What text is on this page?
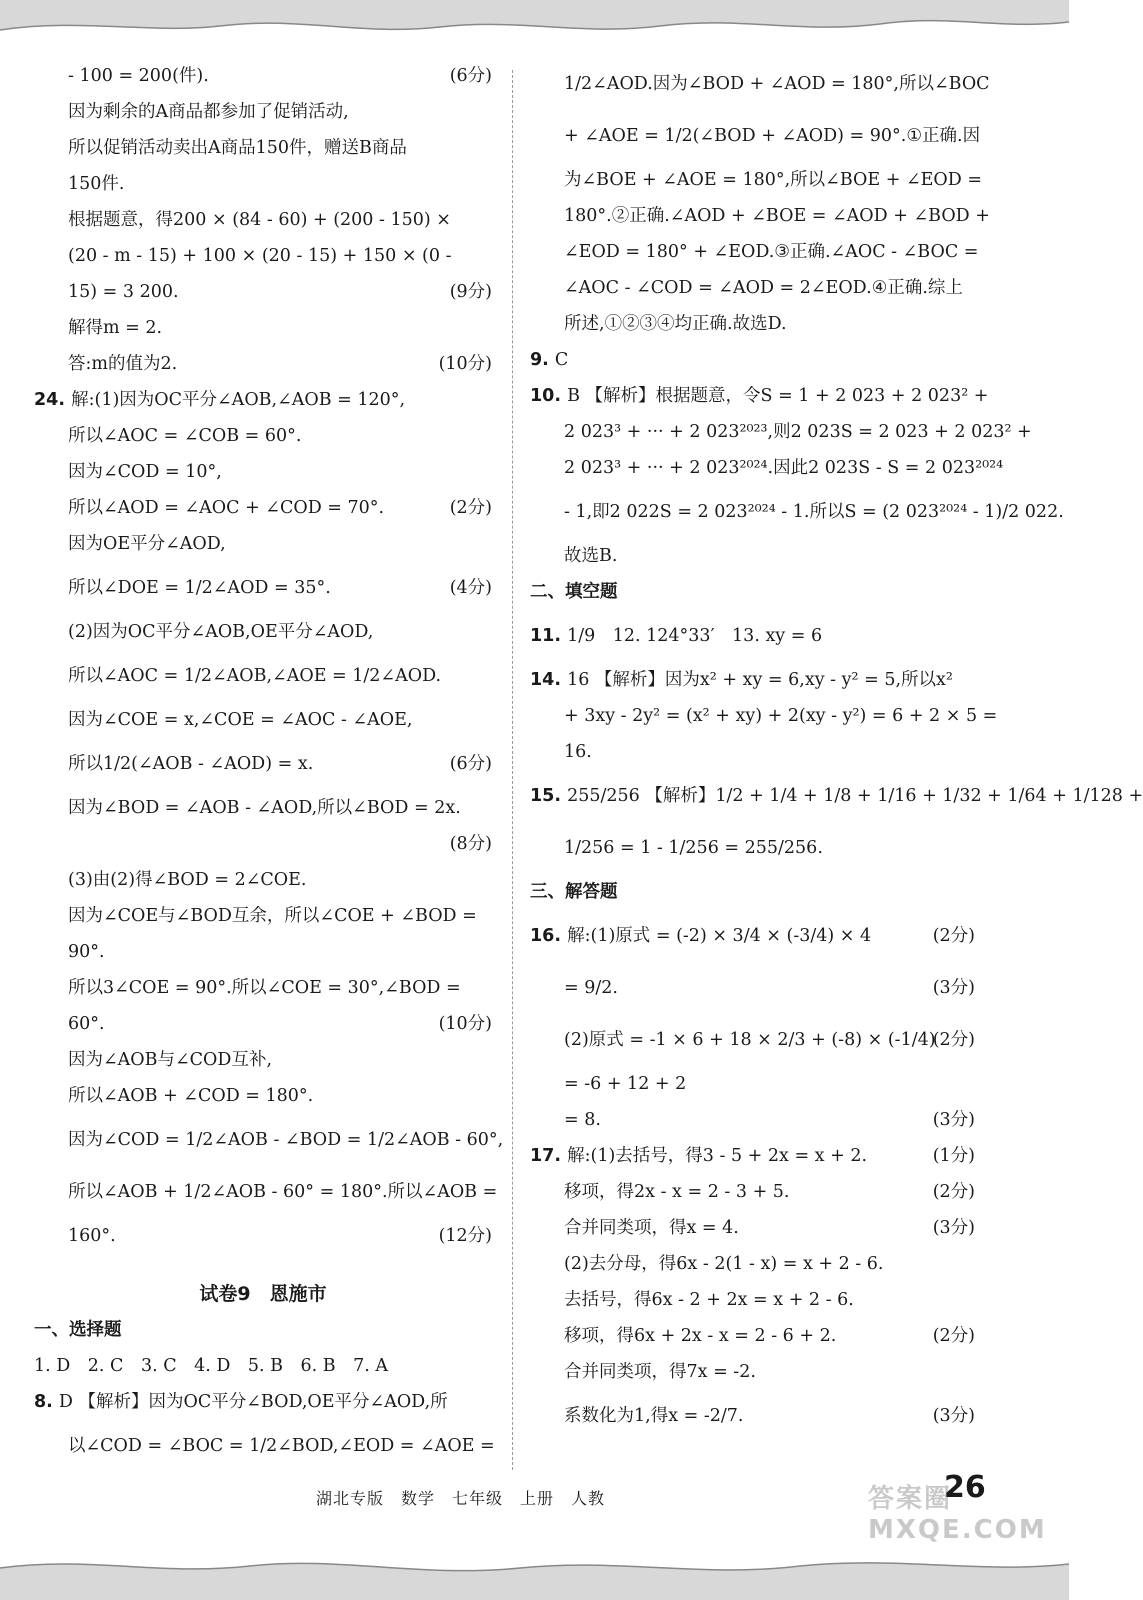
- 100 = 200(件).	(6分)
因为剩余的A商品都参加了促销活动,
所以促销活动卖出A商品150件，赠送B商品
150件.
根据题意，得200 × (84 - 60) + (200 - 150) ×
(20 - m - 15) + 100 × (20 - 15) + 150 × (0 -
15) = 3 200.	(9分)
解得m = 2.
答:m的值为2.	(10分)
24. 解:(1)因为OC平分∠AOB,∠AOB = 120°,
所以∠AOC = ∠COB = 60°.
因为∠COD = 10°,
所以∠AOD = ∠AOC + ∠COD = 70°.	(2分)
因为OE平分∠AOD,
所以∠DOE = 1/2∠AOD = 35°.	(4分)
(2)因为OC平分∠AOB,OE平分∠AOD,
所以∠AOC = 1/2∠AOB,∠AOE = 1/2∠AOD.
因为∠COE = x,∠COE = ∠AOC - ∠AOE,
所以1/2(∠AOB - ∠AOD) = x.	(6分)
因为∠BOD = ∠AOB - ∠AOD,所以∠BOD = 2x.
(8分)
(3)由(2)得∠BOD = 2∠COE.
因为∠COE与∠BOD互余，所以∠COE + ∠BOD =
90°.
所以3∠COE = 90°.所以∠COE = 30°,∠BOD =
60°.	(10分)
因为∠AOB与∠COD互补,
所以∠AOB + ∠COD = 180°.
因为∠COD = 1/2∠AOB - ∠BOD = 1/2∠AOB - 60°,
所以∠AOB + 1/2∠AOB - 60° = 180°.所以∠AOB =
160°.	(12分)
试卷9　恩施市
一、选择题
1. D　2. C　3. C　4. D　5. B　6. B　7. A
8. D 【解析】因为OC平分∠BOD,OE平分∠AOD,所
以∠COD = ∠BOC = 1/2∠BOD,∠EOD = ∠AOE =
1/2∠AOD.因为∠BOD + ∠AOD = 180°,所以∠BOC
+ ∠AOE = 1/2(∠BOD + ∠AOD) = 90°.①正确.因
为∠BOE + ∠AOE = 180°,所以∠BOE + ∠EOD =
180°.②正确.∠AOD + ∠BOE = ∠AOD + ∠BOD +
∠EOD = 180° + ∠EOD.③正确.∠AOC - ∠BOC =
∠AOC - ∠COD = ∠AOD = 2∠EOD.④正确.综上
所述,①②③④均正确.故选D.
9. C
10. B 【解析】根据题意，令S = 1 + 2 023 + 2 023² +
2 023³ + ··· + 2 023²⁰²³,则2 023S = 2 023 + 2 023² +
2 023³ + ··· + 2 023²⁰²⁴.因此2 023S - S = 2 023²⁰²⁴
- 1,即2 022S = 2 023²⁰²⁴ - 1.所以S = (2 023²⁰²⁴ - 1)/2 022.
故选B.
二、填空题
11. 1/9　12. 124°33′　13. xy = 6
14. 16 【解析】因为x² + xy = 6,xy - y² = 5,所以x²
+ 3xy - 2y² = (x² + xy) + 2(xy - y²) = 6 + 2 × 5 =
16.
15. 255/256 【解析】1/2 + 1/4 + 1/8 + 1/16 + 1/32 + 1/64 + 1/128 +
1/256 = 1 - 1/256 = 255/256.
三、解答题
16. 解:(1)原式 = (-2) × 3/4 × (-3/4) × 4	(2分)
= 9/2.	(3分)
(2)原式 = -1 × 6 + 18 × 2/3 + (-8) × (-1/4)
(2分)
= -6 + 12 + 2
= 8.	(3分)
17. 解:(1)去括号，得3 - 5 + 2x = x + 2.	(1分)
移项，得2x - x = 2 - 3 + 5.	(2分)
合并同类项，得x = 4.	(3分)
(2)去分母，得6x - 2(1 - x) = x + 2 - 6.
去括号，得6x - 2 + 2x = x + 2 - 6.
移项，得6x + 2x - x = 2 - 6 + 2.	(2分)
合并同类项，得7x = -2.
系数化为1,得x = -2/7.	(3分)
湖北专版　数学　七年级　上册　人教	答案圈 MXQE.COM
26
